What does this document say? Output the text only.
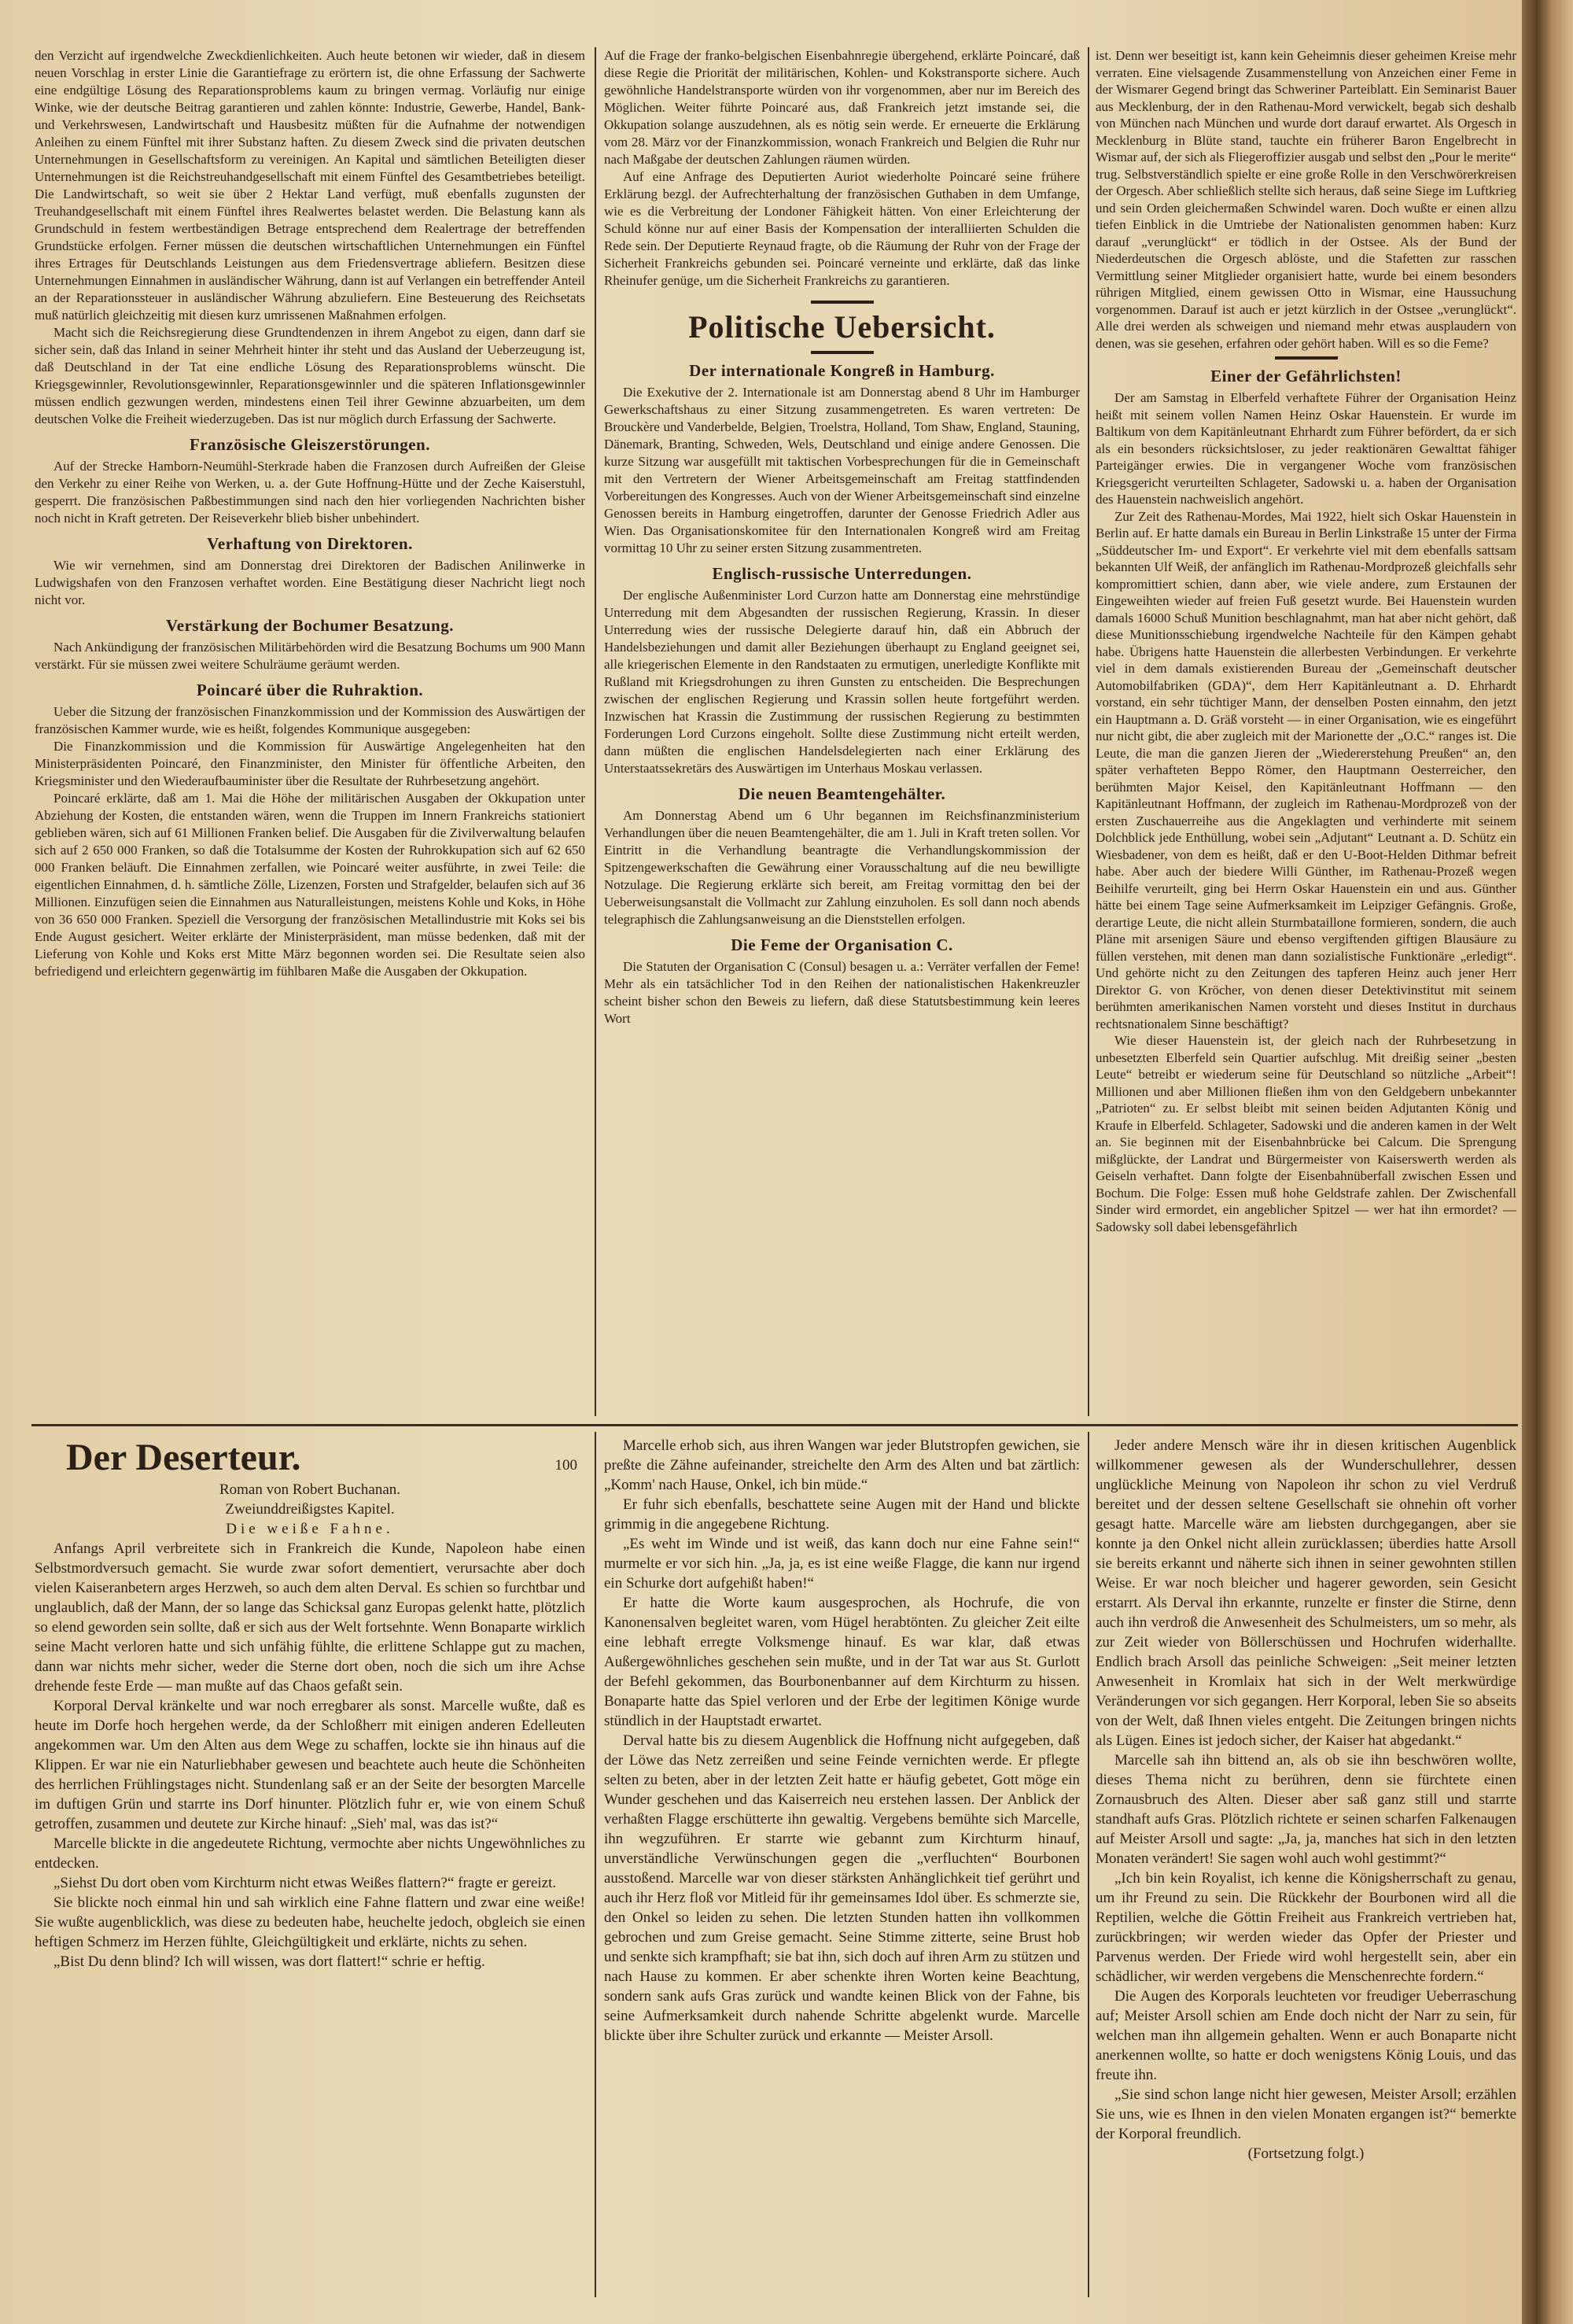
den Verzicht auf irgendwelche Zweckdienlichkeiten. Auch heute betonen wir wieder, daß in diesem neuen Vorschlag in erster Linie die Garantiefrage zu erörtern ist, die ohne Erfassung der Sachwerte eine endgültige Lösung des Reparationsproblems kaum zu bringen vermag. Vorläufig nur einige Winke, wie der deutsche Beitrag garantieren und zahlen könnte: Industrie, Gewerbe, Handel, Bank- und Verkehrswesen, Landwirtschaft und Hausbesitz müßten für die Aufnahme der notwendigen Anleihen zu einem Fünftel mit ihrer Substanz haften. Zu diesem Zweck sind die privaten deutschen Unternehmungen in Gesellschaftsform zu vereinigen. An Kapital und sämtlichen Beteiligten dieser Unternehmungen ist die Reichstreuhandgesellschaft mit einem Fünftel des Gesamtbetriebes beteiligt. Die Landwirtschaft, so weit sie über 2 Hektar Land verfügt, muß ebenfalls zugunsten der Treuhandgesellschaft mit einem Fünftel ihres Realwertes belastet werden. Die Belastung kann als Grundschuld in festem wertbeständigen Betrage entsprechend dem Realertrage der betreffenden Grundstücke erfolgen. Ferner müssen die deutschen wirtschaftlichen Unternehmungen ein Fünftel ihres Ertrages für Deutschlands Leistungen aus dem Friedensvertrage abliefern. Besitzen diese Unternehmungen Einnahmen in ausländischer Währung, dann ist auf Verlangen ein betreffender Anteil an der Reparationssteuer in ausländischer Währung abzuliefern. Eine Besteuerung des Reichsetats muß natürlich gleichzeitig mit diesen kurz umrissenen Maßnahmen erfolgen.

Macht sich die Reichsregierung diese Grundtendenzen in ihrem Angebot zu eigen, dann darf sie sicher sein, daß das Inland in seiner Mehrheit hinter ihr steht und das Ausland der Ueberzeugung ist, daß Deutschland in der Tat eine endliche Lösung des Reparationsproblems wünscht. Die Kriegsgewinnler, Revolutionsgewinnler, Reparationsgewinnler und die späteren Inflationsgewinnler müssen endlich gezwungen werden, mindestens einen Teil ihrer Gewinne abzuarbeiten, um dem deutschen Volke die Freiheit wiederzugeben. Das ist nur möglich durch Erfassung der Sachwerte.

Französische Gleiszerstörungen.

Auf der Strecke Hamborn-Neumühl-Sterkrade haben die Franzosen durch Aufreißen der Gleise den Verkehr zu einer Reihe von Werken, u. a. der Gute Hoffnung-Hütte und der Zeche Kaiserstuhl, gesperrt. Die französischen Paßbestimmungen sind nach den hier vorliegenden Nachrichten bisher noch nicht in Kraft getreten. Der Reiseverkehr blieb bisher unbehindert.

Verhaftung von Direktoren.

Wie wir vernehmen, sind am Donnerstag drei Direktoren der Badischen Anilinwerke in Ludwigshafen von den Franzosen verhaftet worden. Eine Bestätigung dieser Nachricht liegt noch nicht vor.

Verstärkung der Bochumer Besatzung.

Nach Ankündigung der französischen Militärbehörden wird die Besatzung Bochums um 900 Mann verstärkt. Für sie müssen zwei weitere Schulräume geräumt werden.

Poincaré über die Ruhraktion.

Ueber die Sitzung der französischen Finanzkommission und der Kommission des Auswärtigen der französischen Kammer wurde, wie es heißt, folgendes Kommunique ausgegeben:

Die Finanzkommission und die Kommission für Auswärtige Angelegenheiten hat den Ministerpräsidenten Poincaré, den Finanzminister, den Minister für öffentliche Arbeiten, den Kriegsminister und den Wiederaufbauminister über die Resultate der Ruhrbesetzung angehört.

Poincaré erklärte, daß am 1. Mai die Höhe der militärischen Ausgaben der Okkupation unter Abziehung der Kosten, die entstanden wären, wenn die Truppen im Innern Frankreichs stationiert geblieben wären, sich auf 61 Millionen Franken belief. Die Ausgaben für die Zivilverwaltung belaufen sich auf 2 650 000 Franken, so daß die Totalsumme der Kosten der Ruhrokkupation sich auf 62 650 000 Franken beläuft. Die Einnahmen zerfallen, wie Poincaré weiter ausführte, in zwei Teile: die eigentlichen Einnahmen, d. h. sämtliche Zölle, Lizenzen, Forsten und Strafgelder, belaufen sich auf 36 Millionen. Einzufügen seien die Einnahmen aus Naturalleistungen, meistens Kohle und Koks, in Höhe von 36 650 000 Franken. Speziell die Versorgung der französischen Metallindustrie mit Koks sei bis Ende August gesichert. Weiter erklärte der Ministerpräsident, man müsse bedenken, daß mit der Lieferung von Kohle und Koks erst Mitte März begonnen worden sei. Die Resultate seien also befriedigend und erleichtern gegenwärtig im fühlbaren Maße die Ausgaben der Okkupation.

Auf die Frage der franko-belgischen Eisenbahnregie übergehend, erklärte Poincaré, daß diese Regie die Priorität der militärischen, Kohlen- und Kokstransporte sichere. Auch gewöhnliche Handelstransporte würden von ihr vorgenommen, aber nur im Bereich des Möglichen. Weiter führte Poincaré aus, daß Frankreich jetzt imstande sei, die Okkupation solange auszudehnen, als es nötig sein werde. Er erneuerte die Erklärung vom 28. März vor der Finanzkommission, wonach Frankreich und Belgien die Ruhr nur nach Maßgabe der deutschen Zahlungen räumen würden.

Auf eine Anfrage des Deputierten Auriot wiederholte Poincaré seine frühere Erklärung bezgl. der Aufrechterhaltung der französischen Guthaben in dem Umfange, wie es die Verbreitung der Londoner Fähigkeit hätten. Von einer Erleichterung der Schuld könne nur auf einer Basis der Kompensation der interalliierten Schulden die Rede sein. Der Deputierte Reynaud fragte, ob die Räumung der Ruhr von der Frage der Sicherheit Frankreichs gebunden sei. Poincaré verneinte und erklärte, daß das linke Rheinufer genüge, um die Sicherheit Frankreichs zu garantieren.

Politische Uebersicht.
Der internationale Kongreß in Hamburg.

Die Exekutive der 2. Internationale ist am Donnerstag abend 8 Uhr im Hamburger Gewerkschaftshaus zu einer Sitzung zusammengetreten. Es waren vertreten: De Brouckère und Vanderbelde, Belgien, Troelstra, Holland, Tom Shaw, England, Stauning, Dänemark, Branting, Schweden, Wels, Deutschland und einige andere Genossen. Die kurze Sitzung war ausgefüllt mit taktischen Vorbesprechungen für die in Gemeinschaft mit den Vertretern der Wiener Arbeitsgemeinschaft am Freitag stattfindenden Vorbereitungen des Kongresses. Auch von der Wiener Arbeitsgemeinschaft sind einzelne Genossen bereits in Hamburg eingetroffen, darunter der Genosse Friedrich Adler aus Wien. Das Organisationskomitee für den Internationalen Kongreß wird am Freitag vormittag 10 Uhr zu seiner ersten Sitzung zusammentreten.

Englisch-russische Unterredungen.

Der englische Außenminister Lord Curzon hatte am Donnerstag eine mehrstündige Unterredung mit dem Abgesandten der russischen Regierung, Krassin. In dieser Unterredung wies der russische Delegierte darauf hin, daß ein Abbruch der Handelsbeziehungen und damit aller Beziehungen überhaupt zu England geeignet sei, alle kriegerischen Elemente in den Randstaaten zu ermutigen, unerledigte Konflikte mit Rußland mit Kriegsdrohungen zu ihren Gunsten zu entscheiden. Die Besprechungen zwischen der englischen Regierung und Krassin sollen heute fortgeführt werden. Inzwischen hat Krassin die Zustimmung der russischen Regierung zu bestimmten Forderungen Lord Curzons eingeholt. Sollte diese Zustimmung nicht erteilt werden, dann müßten die englischen Handelsdelegierten nach einer Erklärung des Unterstaatssekretärs des Auswärtigen im Unterhaus Moskau verlassen.

Die neuen Beamtengehälter.

Am Donnerstag Abend um 6 Uhr begannen im Reichsfinanzministerium Verhandlungen über die neuen Beamtengehälter, die am 1. Juli in Kraft treten sollen. Vor Eintritt in die Verhandlung beantragte die Verhandlungskommission der Spitzengewerkschaften die Gewährung einer Vorausschaltung auf die neu bewilligte Notzulage. Die Regierung erklärte sich bereit, am Freitag vormittag den bei der Ueberweisungsanstalt die Vollmacht zur Zahlung einzuholen. Es soll dann noch abends telegraphisch die Zahlungsanweisung an die Dienststellen erfolgen.

Die Feme der Organisation C.

Die Statuten der Organisation C (Consul) besagen u. a.: Verräter verfallen der Feme! Mehr als ein tatsächlicher Tod in den Reihen der nationalistischen Hakenkreuzler scheint bisher schon den Beweis zu liefern, daß diese Statutsbestimmung kein leeres Wort

ist. Denn wer beseitigt ist, kann kein Geheimnis dieser geheimen Kreise mehr verraten. Eine vielsagende Zusammenstellung von Anzeichen einer Feme in der Wismarer Gegend bringt das Schweriner Parteiblatt. Ein Seminarist Bauer aus Mecklenburg, der in den Rathenau-Mord verwickelt, begab sich deshalb von München nach München und wurde dort darauf erwartet. Als Orgesch in Mecklenburg in Blüte stand, tauchte ein früherer Baron Engelbrecht in Wismar auf, der sich als Fliegeroffizier ausgab und selbst den „Pour le merite“ trug. Selbstverständlich spielte er eine große Rolle in den Verschwörerkreisen der Orgesch. Aber schließlich stellte sich heraus, daß seine Siege im Luftkrieg und sein Orden gleichermaßen Schwindel waren. Doch wußte er einen allzu tiefen Einblick in die Umtriebe der Nationalisten genommen haben: Kurz darauf „verunglückt“ er tödlich in der Ostsee. Als der Bund der Niederdeutschen die Orgesch ablöste, und die Stafetten zur rasschen Vermittlung seiner Mitglieder organisiert hatte, wurde bei einem besonders rührigen Mitglied, einem gewissen Otto in Wismar, eine Haussuchung vorgenommen. Darauf ist auch er jetzt kürzlich in der Ostsee „verunglückt“. Alle drei werden als schweigen und niemand mehr etwas ausplaudern von denen, was sie gesehen, erfahren oder gehört haben. Will es so die Feme?

Einer der Gefährlichsten!

Der am Samstag in Elberfeld verhaftete Führer der Organisation Heinz heißt mit seinem vollen Namen Heinz Oskar Hauenstein. Er wurde im Baltikum von dem Kapitänleutnant Ehrhardt zum Führer befördert, da er sich als ein besonders rücksichtsloser, zu jeder reaktionären Gewalttat fähiger Parteigänger erwies. Die in vergangener Woche vom französischen Kriegsgericht verurteilten Schlageter, Sadowski u. a. haben der Organisation des Hauenstein nachweislich angehört.

Zur Zeit des Rathenau-Mordes, Mai 1922, hielt sich Oskar Hauenstein in Berlin auf. Er hatte damals ein Bureau in Berlin Linkstraße 15 unter der Firma „Süddeutscher Im- und Export“. Er verkehrte viel mit dem ebenfalls sattsam bekannten Ulf Weiß, der anfänglich im Rathenau-Mordprozeß gleichfalls sehr kompromittiert schien, dann aber, wie viele andere, zum Erstaunen der Eingeweihten wieder auf freien Fuß gesetzt wurde. Bei Hauenstein wurden damals 16000 Schuß Munition beschlagnahmt, man hat aber nicht gehört, daß diese Munitionsschiebung irgendwelche Nachteile für den Kämpen gehabt habe. Übrigens hatte Hauenstein die allerbesten Verbindungen. Er verkehrte viel in dem damals existierenden Bureau der „Gemeinschaft deutscher Automobilfabriken (GDA)“, dem Herr Kapitänleutnant a. D. Ehrhardt vorstand, ein sehr tüchtiger Mann, der denselben Posten einnahm, den jetzt ein Hauptmann a. D. Gräß vorsteht — in einer Organisation, wie es eingeführt nur nicht gibt, die aber zugleich mit der Marionette der „O.C.“ ranges ist. Die Leute, die man die ganzen Jieren der „Wiedererstehung Preußen“ an, den später verhafteten Beppo Römer, den Hauptmann Oesterreicher, den berühmten Major Keisel, den Kapitänleutnant Hoffmann — den Kapitänleutnant Hoffmann, der zugleich im Rathenau-Mordprozeß von der ersten Zuschauerreihe aus die Angeklagten und verhinderte mit seinem Dolchblick jede Enthüllung, wobei sein „Adjutant“ Leutnant a. D. Schütz ein Wiesbadener, von dem es heißt, daß er den U-Boot-Helden Dithmar befreit habe. Aber auch der biedere Willi Günther, im Rathenau-Prozeß wegen Beihilfe verurteilt, ging bei Herrn Oskar Hauenstein ein und aus. Günther hätte bei einem Tage seine Aufmerksamkeit im Leipziger Gefängnis. Große, derartige Leute, die nicht allein Sturmbataillone formieren, sondern, die auch Pläne mit arsenigen Säure und ebenso vergiftenden giftigen Blausäure zu füllen verstehen, mit denen man dann sozialistische Funktionäre „erledigt“. Und gehörte nicht zu den Zeitungen des tapferen Heinz auch jener Herr Direktor G. von Kröcher, von denen dieser Detektivinstitut mit seinem berühmten amerikanischen Namen vorsteht und dieses Institut in durchaus rechtsnationalem Sinne beschäftigt?

Wie dieser Hauenstein ist, der gleich nach der Ruhrbesetzung in unbesetzten Elberfeld sein Quartier aufschlug. Mit dreißig seiner „besten Leute“ betreibt er wiederum seine für Deutschland so nützliche „Arbeit“! Millionen und aber Millionen fließen ihm von den Geldgebern unbekannter „Patrioten“ zu. Er selbst bleibt mit seinen beiden Adjutanten König und Kraufe in Elberfeld. Schlageter, Sadowski und die anderen kamen in der Welt an. Sie beginnen mit der Eisenbahnbrücke bei Calcum. Die Sprengung mißglückte, der Landrat und Bürgermeister von Kaiserswerth werden als Geiseln verhaftet. Dann folgte der Eisenbahnüberfall zwischen Essen und Bochum. Die Folge: Essen muß hohe Geldstrafe zahlen. Der Zwischenfall Sinder wird ermordet, ein angeblicher Spitzel — wer hat ihn ermordet? — Sadowsky soll dabei lebensgefährlich

Der Deserteur.	100

Roman von Robert Buchanan.

Zweiunddreißigstes Kapitel.

Die weiße Fahne.

Anfangs April verbreitete sich in Frankreich die Kunde, Napoleon habe einen Selbstmordversuch gemacht. Sie wurde zwar sofort dementiert, verursachte aber doch vielen Kaiseranbetern arges Herzweh, so auch dem alten Derval. Es schien so furchtbar und unglaublich, daß der Mann, der so lange das Schicksal ganz Europas gelenkt hatte, plötzlich so elend geworden sein sollte, daß er sich aus der Welt fortsehnte. Wenn Bonaparte wirklich seine Macht verloren hatte und sich unfähig fühlte, die erlittene Schlappe gut zu machen, dann war nichts mehr sicher, weder die Sterne dort oben, noch die sich um ihre Achse drehende feste Erde — man mußte auf das Chaos gefaßt sein.

Korporal Derval kränkelte und war noch erregbarer als sonst. Marcelle wußte, daß es heute im Dorfe hoch hergehen werde, da der Schloßherr mit einigen anderen Edelleuten angekommen war. Um den Alten aus dem Wege zu schaffen, lockte sie ihn hinaus auf die Klippen. Er war nie ein Naturliebhaber gewesen und beachtete auch heute die Schönheiten des herrlichen Frühlingstages nicht. Stundenlang saß er an der Seite der besorgten Marcelle im duftigen Grün und starrte ins Dorf hinunter. Plötzlich fuhr er, wie von einem Schuß getroffen, zusammen und deutete zur Kirche hinauf: „Sieh' mal, was das ist?“

Marcelle blickte in die angedeutete Richtung, vermochte aber nichts Ungewöhnliches zu entdecken.

„Siehst Du dort oben vom Kirchturm nicht etwas Weißes flattern?“ fragte er gereizt.

Sie blickte noch einmal hin und sah wirklich eine Fahne flattern und zwar eine weiße! Sie wußte augenblicklich, was diese zu bedeuten habe, heuchelte jedoch, obgleich sie einen heftigen Schmerz im Herzen fühlte, Gleichgültigkeit und erklärte, nichts zu sehen.

„Bist Du denn blind? Ich will wissen, was dort flattert!“ schrie er heftig.

Marcelle erhob sich, aus ihren Wangen war jeder Blutstropfen gewichen, sie preßte die Zähne aufeinander, streichelte den Arm des Alten und bat zärtlich: „Komm' nach Hause, Onkel, ich bin müde.“

Er fuhr sich ebenfalls, beschattete seine Augen mit der Hand und blickte grimmig in die angegebene Richtung.

„Es weht im Winde und ist weiß, das kann doch nur eine Fahne sein!“ murmelte er vor sich hin. „Ja, ja, es ist eine weiße Flagge, die kann nur irgend ein Schurke dort aufgehißt haben!“

Er hatte die Worte kaum ausgesprochen, als Hochrufe, die von Kanonensalven begleitet waren, vom Hügel herabtönten. Zu gleicher Zeit eilte eine lebhaft erregte Volksmenge hinauf. Es war klar, daß etwas Außergewöhnliches geschehen sein mußte, und in der Tat war aus St. Gurlott der Befehl gekommen, das Bourbonenbanner auf dem Kirchturm zu hissen. Bonaparte hatte das Spiel verloren und der Erbe der legitimen Könige wurde stündlich in der Hauptstadt erwartet.

Derval hatte bis zu diesem Augenblick die Hoffnung nicht aufgegeben, daß der Löwe das Netz zerreißen und seine Feinde vernichten werde. Er pflegte selten zu beten, aber in der letzten Zeit hatte er häufig gebetet, Gott möge ein Wunder geschehen und das Kaiserreich neu erstehen lassen. Der Anblick der verhaßten Flagge erschütterte ihn gewaltig. Vergebens bemühte sich Marcelle, ihn wegzuführen. Er starrte wie gebannt zum Kirchturm hinauf, unverständliche Verwünschungen gegen die „verfluchten“ Bourbonen ausstoßend. Marcelle war von dieser stärksten Anhänglichkeit tief gerührt und auch ihr Herz floß vor Mitleid für ihr gemeinsames Idol über. Es schmerzte sie, den Onkel so leiden zu sehen. Die letzten Stunden hatten ihn vollkommen gebrochen und zum Greise gemacht. Seine Stimme zitterte, seine Brust hob und senkte sich krampfhaft; sie bat ihn, sich doch auf ihren Arm zu stützen und nach Hause zu kommen. Er aber schenkte ihren Worten keine Beachtung, sondern sank aufs Gras zurück und wandte keinen Blick von der Fahne, bis seine Aufmerksamkeit durch nahende Schritte abgelenkt wurde. Marcelle blickte über ihre Schulter zurück und erkannte — Meister Arsoll.

Jeder andere Mensch wäre ihr in diesen kritischen Augenblick willkommener gewesen als der Wunderschullehrer, dessen unglückliche Meinung von Napoleon ihr schon zu viel Verdruß bereitet und der dessen seltene Gesellschaft sie ohnehin oft vorher gesagt hatte. Marcelle wäre am liebsten durchgegangen, aber sie konnte ja den Onkel nicht allein zurücklassen; überdies hatte Arsoll sie bereits erkannt und näherte sich ihnen in seiner gewohnten stillen Weise. Er war noch bleicher und hagerer geworden, sein Gesicht erstarrt. Als Derval ihn erkannte, runzelte er finster die Stirne, denn auch ihn verdroß die Anwesenheit des Schulmeisters, um so mehr, als zur Zeit wieder von Böllerschüssen und Hochrufen widerhallte. Endlich brach Arsoll das peinliche Schweigen: „Seit meiner letzten Anwesenheit in Kromlaix hat sich in der Welt merkwürdige Veränderungen vor sich gegangen. Herr Korporal, leben Sie so abseits von der Welt, daß Ihnen vieles entgeht. Die Zeitungen bringen nichts als Lügen. Eines ist jedoch sicher, der Kaiser hat abgedankt.“

Marcelle sah ihn bittend an, als ob sie ihn beschwören wollte, dieses Thema nicht zu berühren, denn sie fürchtete einen Zornausbruch des Alten. Dieser aber saß ganz still und starrte standhaft aufs Gras. Plötzlich richtete er seinen scharfen Falkenaugen auf Meister Arsoll und sagte: „Ja, ja, manches hat sich in den letzten Monaten verändert! Sie sagen wohl auch wohl gestimmt?“

„Ich bin kein Royalist, ich kenne die Königsherrschaft zu genau, um ihr Freund zu sein. Die Rückkehr der Bourbonen wird all die Reptilien, welche die Göttin Freiheit aus Frankreich vertrieben hat, zurückbringen; wir werden wieder das Opfer der Priester und Parvenus werden. Der Friede wird wohl hergestellt sein, aber ein schädlicher, wir werden vergebens die Menschenrechte fordern.“

Die Augen des Korporals leuchteten vor freudiger Ueberraschung auf; Meister Arsoll schien am Ende doch nicht der Narr zu sein, für welchen man ihn allgemein gehalten. Wenn er auch Bonaparte nicht anerkennen wollte, so hatte er doch wenigstens König Louis, und das freute ihn.

„Sie sind schon lange nicht hier gewesen, Meister Arsoll; erzählen Sie uns, wie es Ihnen in den vielen Monaten ergangen ist?“ bemerkte der Korporal freundlich.

(Fortsetzung folgt.)
